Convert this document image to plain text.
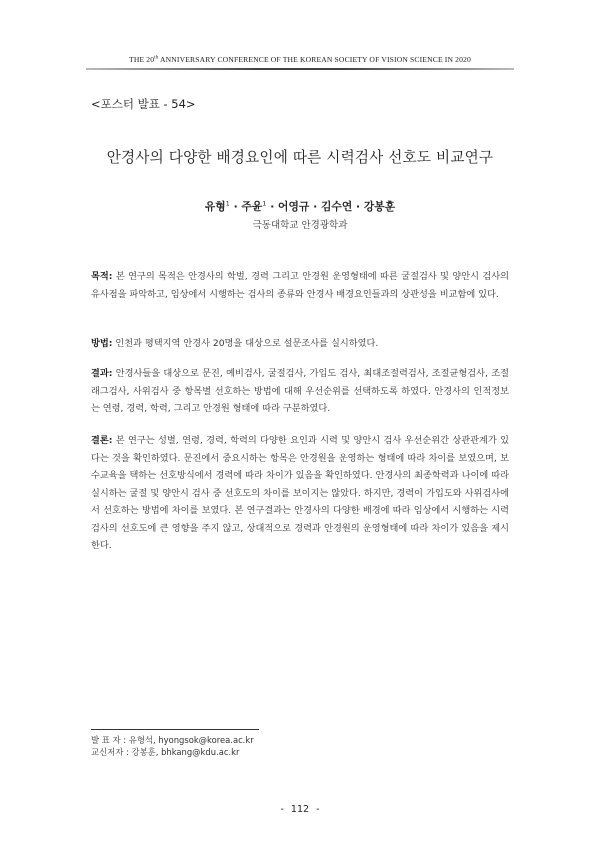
THE 20th ANNIVERSARY CONFERENCE OF THE KOREAN SOCIETY OF VISION SCIENCE IN 2020
<포스터 발표 - 54>
안경사의 다양한 배경요인에 따른 시력검사 선호도 비교연구
유형$^1$ · 주윤$^1$ · 어영규 · 김수연 · 강봉훈
극동대학교 안경광학과
목적: 본 연구의 목적은 안경사의 학벌, 경력 그리고 안경원 운영형태에 따른 굴절검사 및 양안시 검사의 유사점을 파악하고, 임상에서 시행하는 검사의 종류와 안경사 배경요인들과의 상관성을 비교함에 있다.
방법: 인천과 평택지역 안경사 20명을 대상으로 설문조사를 실시하였다.
결과: 안경사들을 대상으로 문진, 예비검사, 굴절검사, 가입도 검사, 최대조절력검사, 조절균형검사, 조절래그검사, 사위검사 중 항목별 선호하는 방법에 대해 우선순위를 선택하도록 하였다. 안경사의 인적정보는 연령, 경력, 학력, 그리고 안경원 형태에 따라 구분하였다.
결론: 본 연구는 성별, 연령, 경력, 학력의 다양한 요인과 시력 및 양안시 검사 우선순위간 상관관계가 있다는 것을 확인하였다. 문진에서 중요시하는 항목은 안경원을 운영하는 형태에 따라 차이를 보였으며, 보수교육을 택하는 선호방식에서 경력에 따라 차이가 있음을 확인하였다. 안경사의 최종학력과 나이에 따라 실시하는 굴절 및 양안시 검사 중 선호도의 차이를 보이지는 않았다. 하지만, 경력이 가입도와 사위검사에서 선호하는 방법에 차이를 보였다. 본 연구결과는 안경사의 다양한 배경에 따라 임상에서 시행하는 시력검사의 선호도에 큰 영향을 주지 않고, 상대적으로 경력과 안경원의 운영형태에 따라 차이가 있음을 제시한다.
발 표 자 : 유형석, hyongsok@korea.ac.kr
교신저자 : 강봉훈, bhkang@kdu.ac.kr
- 112 -
